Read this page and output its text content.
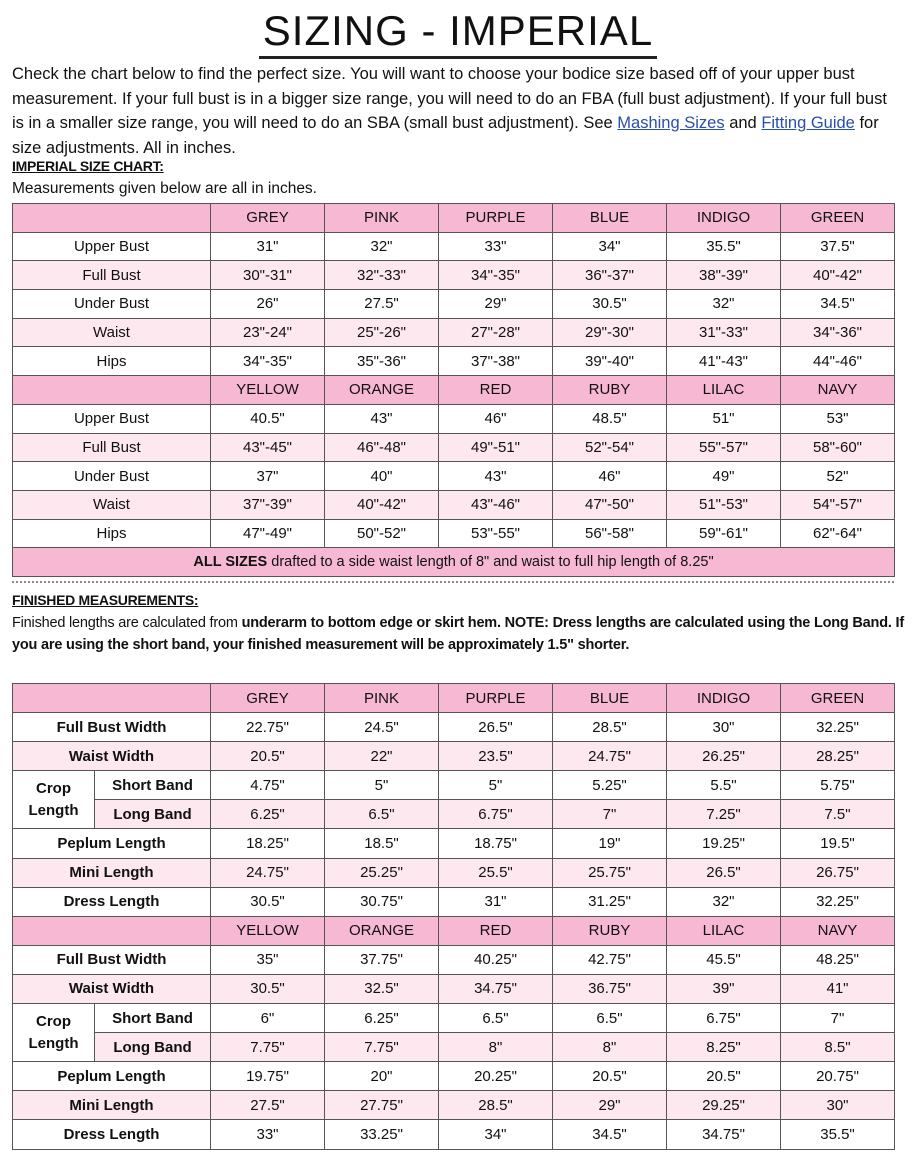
SIZING - IMPERIAL

Check the chart below to find the perfect size. You will want to choose your bodice size based off of your upper bust measurement. If your full bust is in a bigger size range, you will need to do an FBA (full bust adjustment). If your full bust is in a smaller size range, you will need to do an SBA (small bust adjustment). See Mashing Sizes and Fitting Guide for size adjustments. All in inches.

IMPERIAL SIZE CHART:

Measurements given below are all in inches.

	GREY	PINK	PURPLE	BLUE	INDIGO	GREEN
Upper Bust	31"	32"	33"	34"	35.5"	37.5"
Full Bust	30"-31"	32"-33"	34"-35"	36"-37"	38"-39"	40"-42"
Under Bust	26"	27.5"	29"	30.5"	32"	34.5"
Waist	23"-24"	25"-26"	27"-28"	29"-30"	31"-33"	34"-36"
Hips	34"-35"	35"-36"	37"-38"	39"-40"	41"-43"	44"-46"
	YELLOW	ORANGE	RED	RUBY	LILAC	NAVY
Upper Bust	40.5"	43"	46"	48.5"	51"	53"
Full Bust	43"-45"	46"-48"	49"-51"	52"-54"	55"-57"	58"-60"
Under Bust	37"	40"	43"	46"	49"	52"
Waist	37"-39"	40"-42"	43"-46"	47"-50"	51"-53"	54"-57"
Hips	47"-49"	50"-52"	53"-55"	56"-58"	59"-61"	62"-64"
ALL SIZES drafted to a side waist length of 8" and waist to full hip length of 8.25"						

FINISHED MEASUREMENTS:

Finished lengths are calculated from underarm to bottom edge or skirt hem. NOTE: Dress lengths are calculated using the Long Band. If you are using the short band, your finished measurement will be approximately 1.5" shorter.

		GREY	PINK	PURPLE	BLUE	INDIGO	GREEN
Full Bust Width		22.75"	24.5"	26.5"	28.5"	30"	32.25"
Waist Width		20.5"	22"	23.5"	24.75"	26.25"	28.25"
Crop
Length	Short Band	4.75"	5"	5"	5.25"	5.5"	5.75"
	Long Band	6.25"	6.5"	6.75"	7"	7.25"	7.5"
Peplum Length		18.25"	18.5"	18.75"	19"	19.25"	19.5"
Mini Length		24.75"	25.25"	25.5"	25.75"	26.5"	26.75"
Dress Length		30.5"	30.75"	31"	31.25"	32"	32.25"
		YELLOW	ORANGE	RED	RUBY	LILAC	NAVY
Full Bust Width		35"	37.75"	40.25"	42.75"	45.5"	48.25"
Waist Width		30.5"	32.5"	34.75"	36.75"	39"	41"
Crop
Length	Short Band	6"	6.25"	6.5"	6.5"	6.75"	7"
	Long Band	7.75"	7.75"	8"	8"	8.25"	8.5"
Peplum Length		19.75"	20"	20.25"	20.5"	20.5"	20.75"
Mini Length		27.5"	27.75"	28.5"	29"	29.25"	30"
Dress Length		33"	33.25"	34"	34.5"	34.75"	35.5"
